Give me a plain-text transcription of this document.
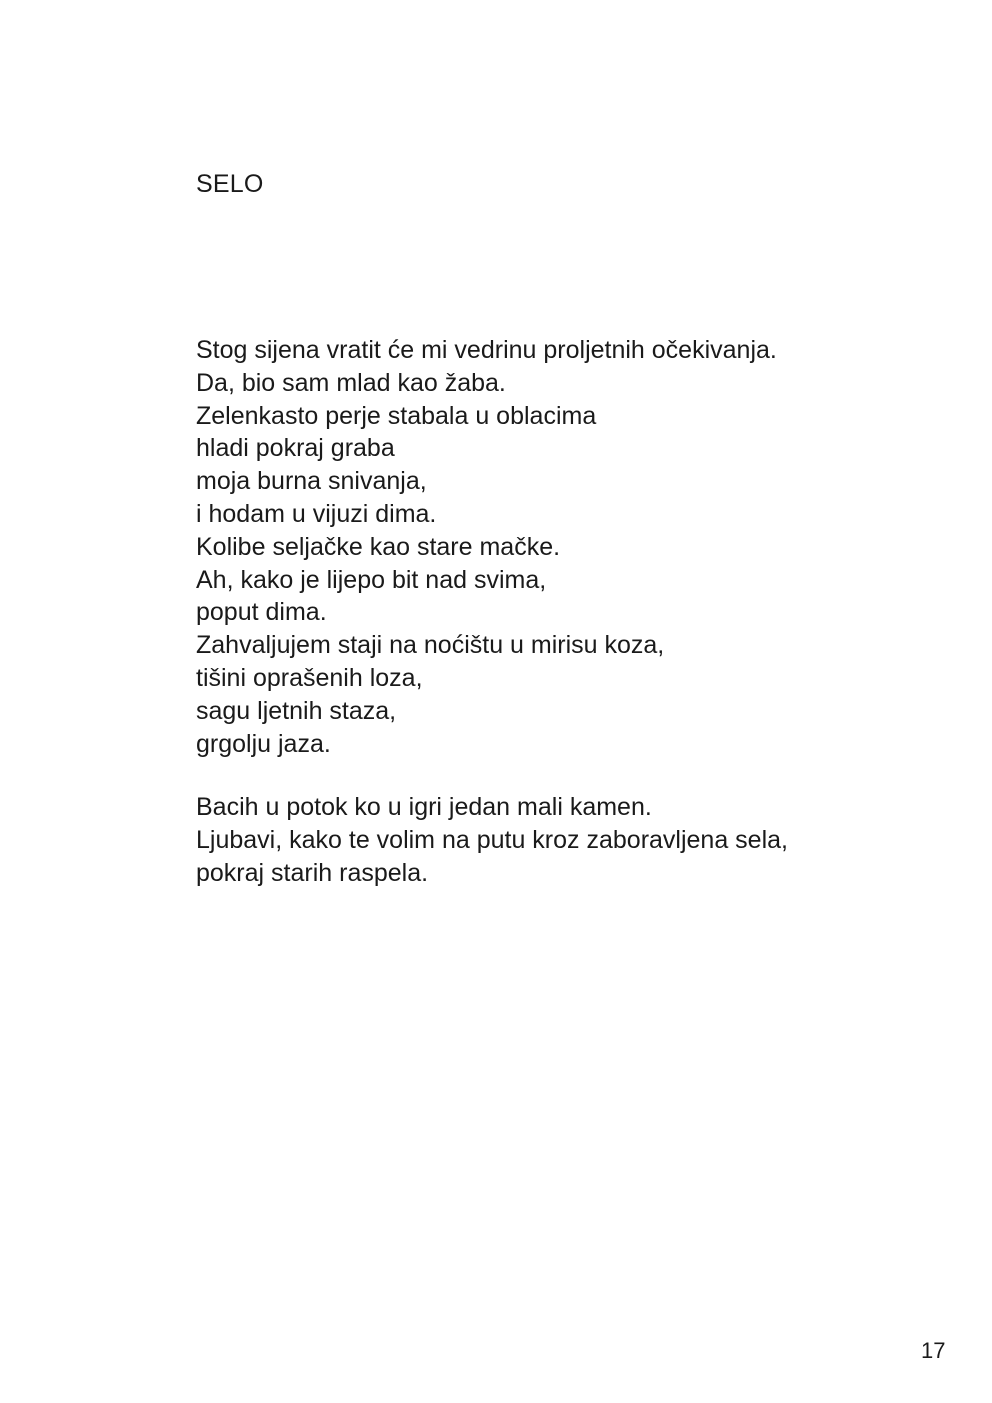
SELO
Stog sijena vratit će mi vedrinu proljetnih očekivanja.
Da, bio sam mlad kao žaba.
Zelenkasto perje stabala u oblacima
hladi pokraj graba
moja burna snivanja,
i hodam u vijuzi dima.
Kolibe seljačke kao stare mačke.
Ah, kako je lijepo bit nad svima,
poput dima.
Zahvaljujem staji na noćištu u mirisu koza,
tišini oprašenih loza,
sagu ljetnih staza,
grgolju jaza.
Bacih u potok ko u igri jedan mali kamen.
Ljubavi, kako te volim na putu kroz zaboravljena sela,
pokraj starih raspela.
17
